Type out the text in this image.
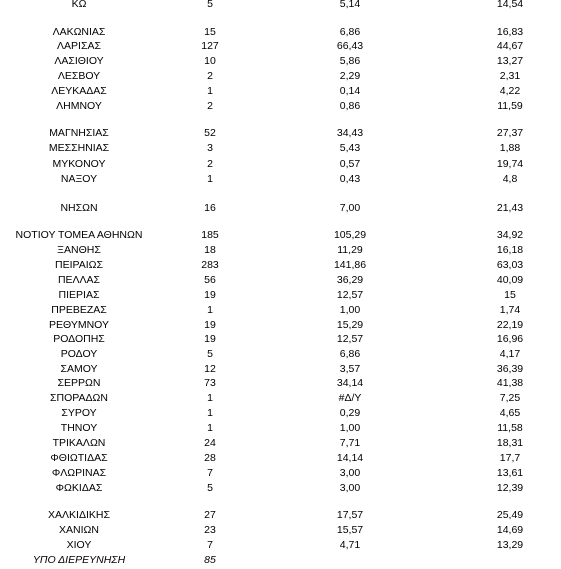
ΚΩ	5	5,14	14,54
ΛΑΚΩΝΙΑΣ	15	6,86	16,83
ΛΑΡΙΣΑΣ	127	66,43	44,67
ΛΑΣΙΘΙΟΥ	10	5,86	13,27
ΛΕΣΒΟΥ	2	2,29	2,31
ΛΕΥΚΑΔΑΣ	1	0,14	4,22
ΛΗΜΝΟΥ	2	0,86	11,59
ΜΑΓΝΗΣΙΑΣ	52	34,43	27,37
ΜΕΣΣΗΝΙΑΣ	3	5,43	1,88
ΜΥΚΟΝΟΥ	2	0,57	19,74
ΝΑΞΟΥ	1	0,43	4,8
ΝΗΣΩΝ	16	7,00	21,43
ΝΟΤΙΟΥ ΤΟΜΕΑ ΑΘΗΝΩΝ	185	105,29	34,92
ΞΑΝΘΗΣ	18	11,29	16,18
ΠΕΙΡΑΙΩΣ	283	141,86	63,03
ΠΕΛΛΑΣ	56	36,29	40,09
ΠΙΕΡΙΑΣ	19	12,57	15
ΠΡΕΒΕΖΑΣ	1	1,00	1,74
ΡΕΘΥΜΝΟΥ	19	15,29	22,19
ΡΟΔΟΠΗΣ	19	12,57	16,96
ΡΟΔΟΥ	5	6,86	4,17
ΣΑΜΟΥ	12	3,57	36,39
ΣΕΡΡΩΝ	73	34,14	41,38
ΣΠΟΡΑΔΩΝ	1	#Δ/Υ	7,25
ΣΥΡΟΥ	1	0,29	4,65
ΤΗΝΟΥ	1	1,00	11,58
ΤΡΙΚΑΛΩΝ	24	7,71	18,31
ΦΘΙΩΤΙΔΑΣ	28	14,14	17,7
ΦΛΩΡΙΝΑΣ	7	3,00	13,61
ΦΩΚΙΔΑΣ	5	3,00	12,39
ΧΑΛΚΙΔΙΚΗΣ	27	17,57	25,49
ΧΑΝΙΩΝ	23	15,57	14,69
ΧΙΟΥ	7	4,71	13,29
ΥΠΟ ΔΙΕΡΕΥΝΗΣΗ	85
